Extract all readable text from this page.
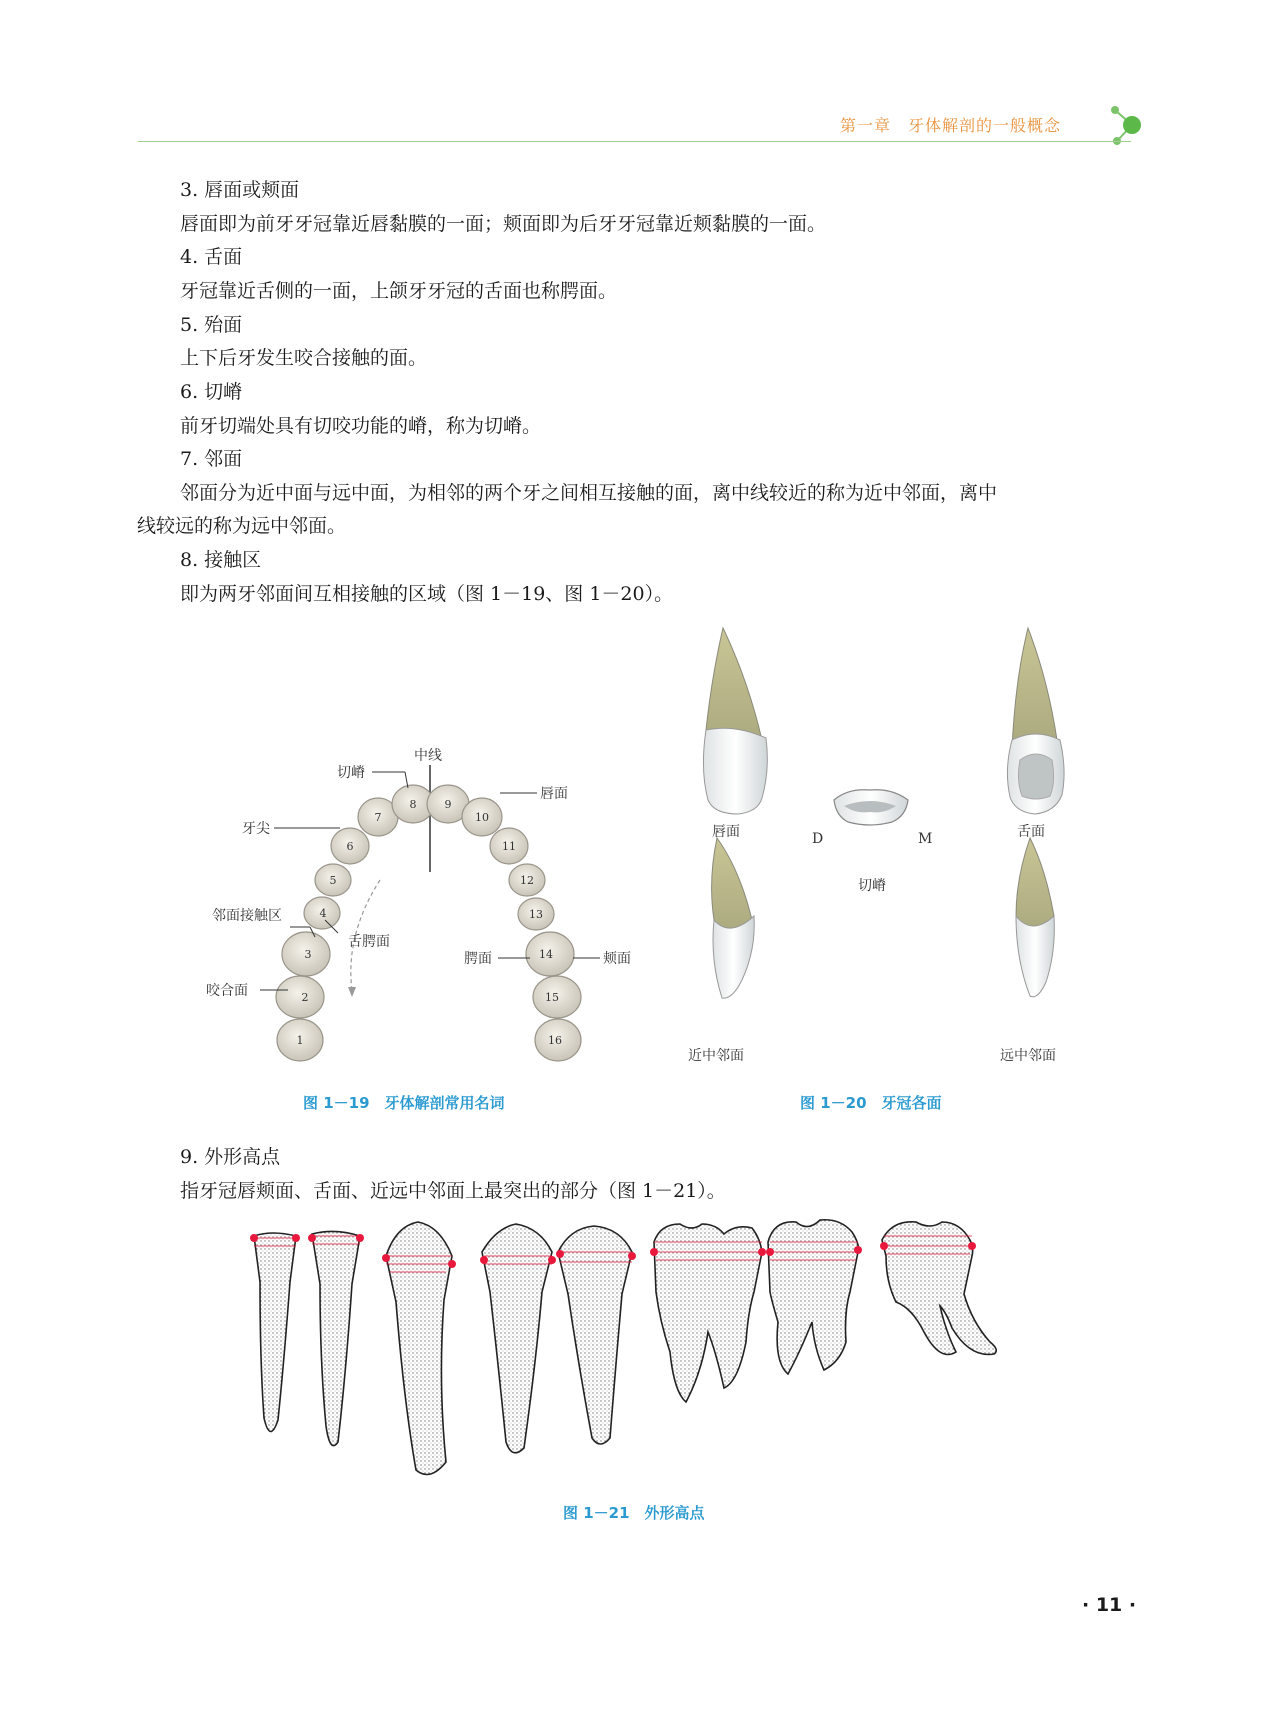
第一章　牙体解剖的一般概念
3. 唇面或颊面
唇面即为前牙牙冠靠近唇黏膜的一面；颊面即为后牙牙冠靠近颊黏膜的一面。
4. 舌面
牙冠靠近舌侧的一面，上颌牙牙冠的舌面也称腭面。
5. 殆面
上下后牙发生咬合接触的面。
6. 切嵴
前牙切端处具有切咬功能的嵴，称为切嵴。
7. 邻面
邻面分为近中面与远中面，为相邻的两个牙之间相互接触的面，离中线较近的称为近中邻面，离中
线较远的称为远中邻面。
8. 接触区
即为两牙邻面间互相接触的区域（图 1－19、图 1－20）。
1
2
3
4
5
6
7
8	9
10
11
12
13
14
15
16
中线
切嵴
唇面
牙尖
邻面接触区
舌腭面
腭面	颊面
咬合面
图 1－19　牙体解剖常用名词
唇面	舌面
D	M
切嵴
近中邻面	远中邻面
图 1－20　牙冠各面
9. 外形高点
指牙冠唇颊面、舌面、近远中邻面上最突出的部分（图 1－21）。
图 1－21　外形高点
· 11 ·
